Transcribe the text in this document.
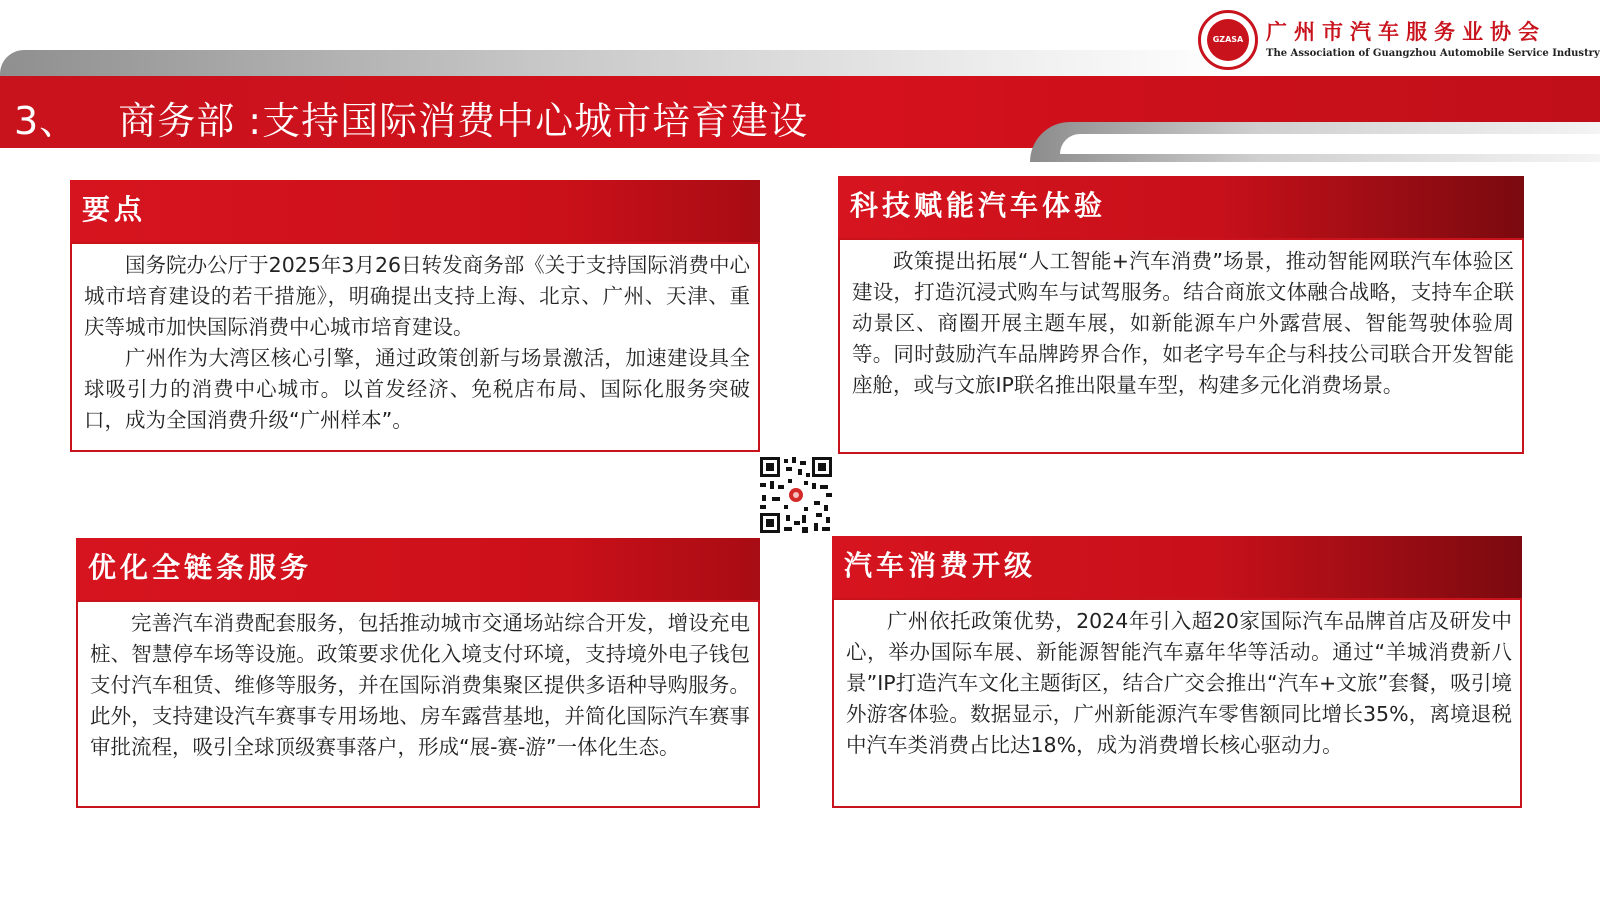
3、 商务部 :支持国际消费中心城市培育建设
GZASA 广州市汽车服务业协会
The Association of Guangzhou Automobile Service Industry
要点

国务院办公厅于2025年3月26日转发商务部《关于支持国际消费中心城市培育建设的若干措施》，明确提出支持上海、北京、广州、天津、重庆等城市加快国际消费中心城市培育建设。

广州作为大湾区核心引擎，通过政策创新与场景激活，加速建设具全球吸引力的消费中心城市。以首发经济、免税店布局、国际化服务突破口，成为全国消费升级“广州样本”。

科技赋能汽车体验

政策提出拓展“人工智能+汽车消费”场景，推动智能网联汽车体验区建设，打造沉浸式购车与试驾服务。结合商旅文体融合战略，支持车企联动景区、商圈开展主题车展，如新能源车户外露营展、智能驾驶体验周等。同时鼓励汽车品牌跨界合作，如老字号车企与科技公司联合开发智能座舱，或与文旅IP联名推出限量车型，构建多元化消费场景。

优化全链条服务

完善汽车消费配套服务，包括推动城市交通场站综合开发，增设充电桩、智慧停车场等设施。政策要求优化入境支付环境，支持境外电子钱包支付汽车租赁、维修等服务，并在国际消费集聚区提供多语种导购服务。此外，支持建设汽车赛事专用场地、房车露营基地，并简化国际汽车赛事审批流程，吸引全球顶级赛事落户，形成“展-赛-游”一体化生态。

汽车消费开级

广州依托政策优势，2024年引入超20家国际汽车品牌首店及研发中心，举办国际车展、新能源智能汽车嘉年华等活动。通过“羊城消费新八景”IP打造汽车文化主题街区，结合广交会推出“汽车+文旅”套餐，吸引境外游客体验。数据显示，广州新能源汽车零售额同比增长35%，离境退税中汽车类消费占比达18%，成为消费增长核心驱动力。
